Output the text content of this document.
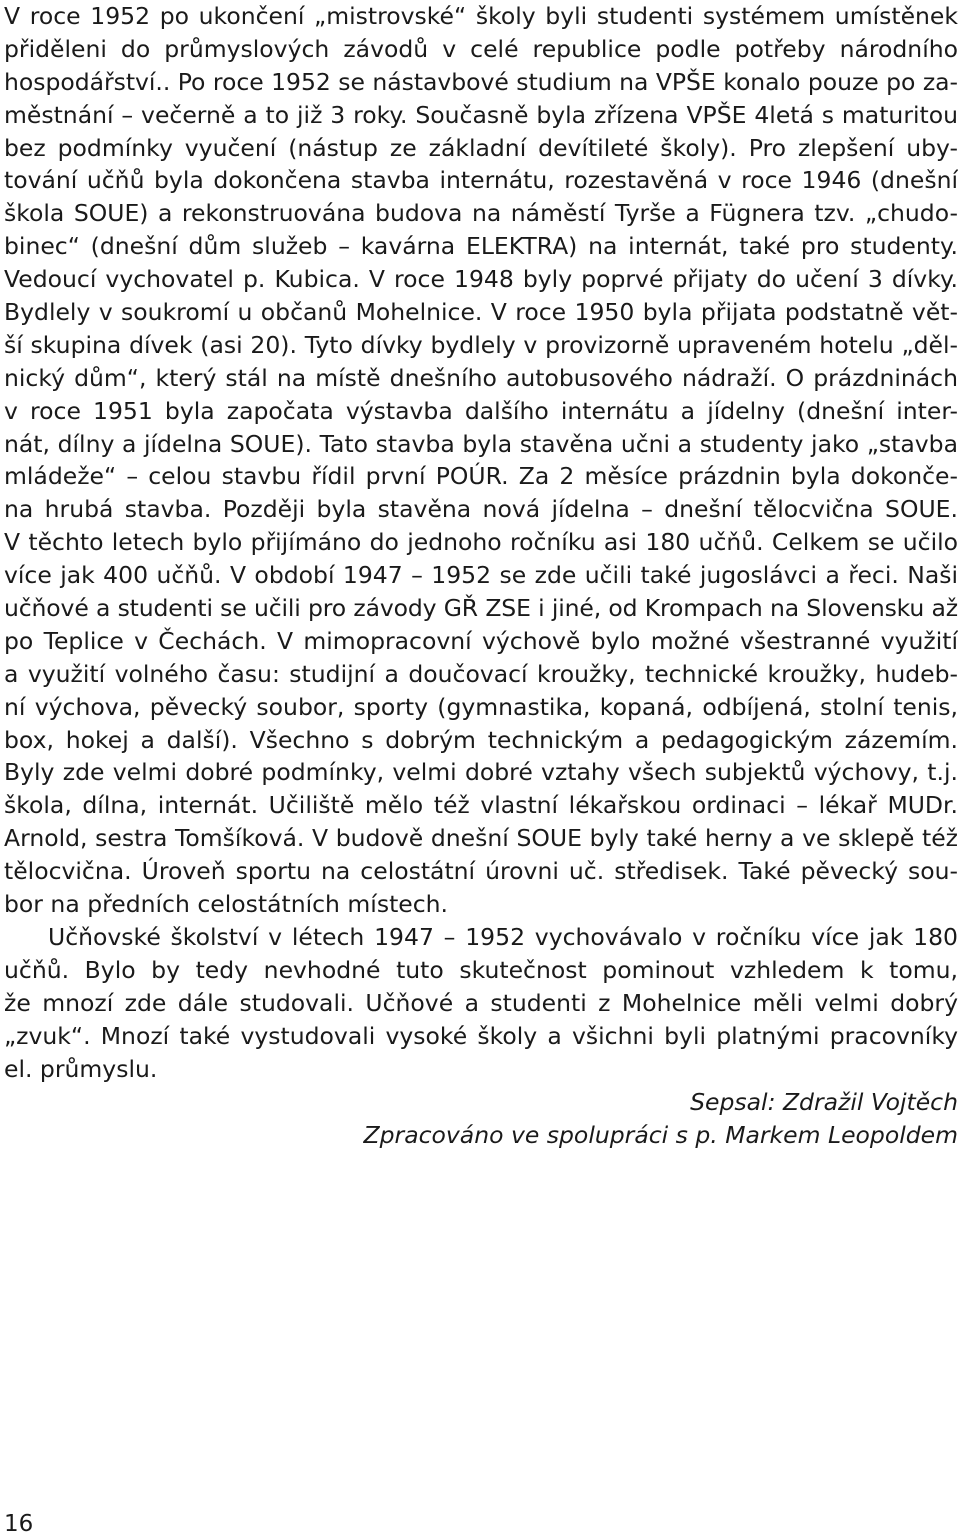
V roce 1952 po ukončení „mistrovské“ školy byli studenti systémem umístěnek
přiděleni do průmyslových závodů v celé republice podle potřeby národního
hospodářství.. Po roce 1952 se nástavbové studium na VPŠE konalo pouze po za-
městnání – večerně a to již 3 roky. Současně byla zřízena VPŠE 4letá s maturitou
bez podmínky vyučení (nástup ze základní devítileté školy). Pro zlepšení uby-
tování učňů byla dokončena stavba internátu, rozestavěná v roce 1946 (dnešní
škola SOUE) a rekonstruována budova na náměstí Tyrše a Fügnera tzv. „chudo-
binec“ (dnešní dům služeb – kavárna ELEKTRA) na internát, také pro studenty.
Vedoucí vychovatel p. Kubica. V roce 1948 byly poprvé přijaty do učení 3 dívky.
Bydlely v soukromí u občanů Mohelnice. V roce 1950 byla přijata podstatně vět-
ší skupina dívek (asi 20). Tyto dívky bydlely v provizorně upraveném hotelu „děl-
nický dům“, který stál na místě dnešního autobusového nádraží. O prázdninách
v roce 1951 byla započata výstavba dalšího internátu a jídelny (dnešní inter-
nát, dílny a jídelna SOUE). Tato stavba byla stavěna učni a studenty jako „stavba
mládeže“ – celou stavbu řídil první POÚR. Za 2 měsíce prázdnin byla dokonče-
na hrubá stavba. Později byla stavěna nová jídelna – dnešní tělocvična SOUE.
V těchto letech bylo přijímáno do jednoho ročníku asi 180 učňů. Celkem se učilo
více jak 400 učňů. V období 1947 – 1952 se zde učili také jugoslávci a řeci. Naši
učňové a studenti se učili pro závody GŘ ZSE i jiné, od Krompach na Slovensku až
po Teplice v Čechách. V mimopracovní výchově bylo možné všestranné využití
a využití volného času: studijní a doučovací kroužky, technické kroužky, hudeb-
ní výchova, pěvecký soubor, sporty (gymnastika, kopaná, odbíjená, stolní tenis,
box, hokej a další). Všechno s dobrým technickým a pedagogickým zázemím.
Byly zde velmi dobré podmínky, velmi dobré vztahy všech subjektů výchovy, t.j.
škola, dílna, internát. Učiliště mělo též vlastní lékařskou ordinaci – lékař MUDr.
Arnold, sestra Tomšíková. V budově dnešní SOUE byly také herny a ve sklepě též
tělocvična. Úroveň sportu na celostátní úrovni uč. středisek. Také pěvecký sou-
bor na předních celostátních místech.
Učňovské školství v létech 1947 – 1952 vychovávalo v ročníku více jak 180
učňů. Bylo by tedy nevhodné tuto skutečnost pominout vzhledem k tomu,
že mnozí zde dále studovali. Učňové a studenti z Mohelnice měli velmi dobrý
„zvuk“. Mnozí také vystudovali vysoké školy a všichni byli platnými pracovníky
el. průmyslu.
Sepsal: Zdražil Vojtěch
Zpracováno ve spolupráci s p. Markem Leopoldem
16
